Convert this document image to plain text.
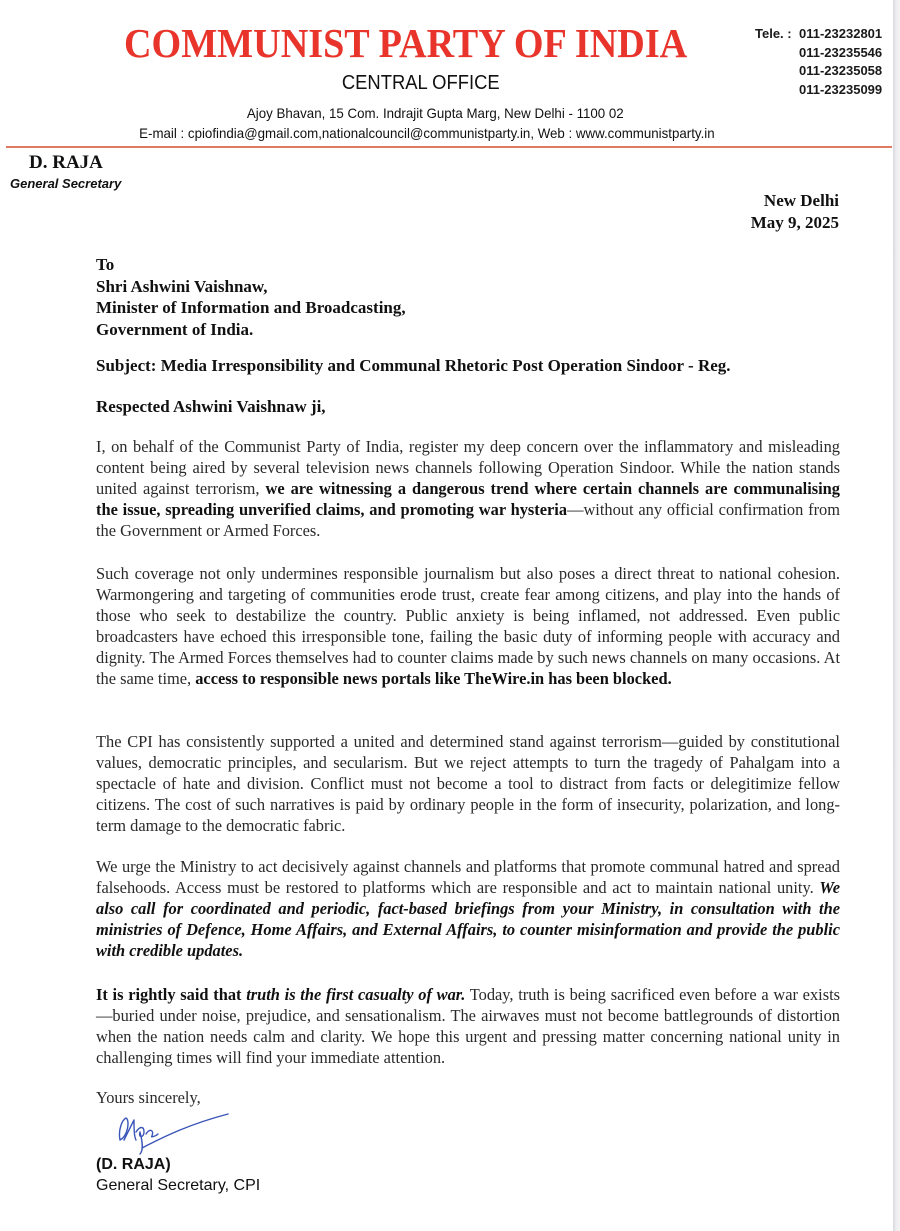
COMMUNIST PARTY OF INDIA
CENTRAL OFFICE
Tele. : 011-23232801
011-23235546
011-23235058
011-23235099
Ajoy Bhavan, 15 Com. Indrajit Gupta Marg, New Delhi - 1100 02
E-mail : cpiofindia@gmail.com,nationalcouncil@communistparty.in, Web : www.communistparty.in
D. RAJA
General Secretary
New Delhi
May 9, 2025
To
Shri Ashwini Vaishnaw,
Minister of Information and Broadcasting,
Government of India.
Subject: Media Irresponsibility and Communal Rhetoric Post Operation Sindoor - Reg.
Respected Ashwini Vaishnaw ji,
I, on behalf of the Communist Party of India, register my deep concern over the inflammatory and misleading content being aired by several television news channels following Operation Sindoor. While the nation stands united against terrorism, we are witnessing a dangerous trend where certain channels are communalising the issue, spreading unverified claims, and promoting war hysteria—without any official confirmation from the Government or Armed Forces.
Such coverage not only undermines responsible journalism but also poses a direct threat to national cohesion. Warmongering and targeting of communities erode trust, create fear among citizens, and play into the hands of those who seek to destabilize the country. Public anxiety is being inflamed, not addressed. Even public broadcasters have echoed this irresponsible tone, failing the basic duty of informing people with accuracy and dignity. The Armed Forces themselves had to counter claims made by such news channels on many occasions. At the same time, access to responsible news portals like TheWire.in has been blocked.
The CPI has consistently supported a united and determined stand against terrorism—guided by constitutional values, democratic principles, and secularism. But we reject attempts to turn the tragedy of Pahalgam into a spectacle of hate and division. Conflict must not become a tool to distract from facts or delegitimize fellow citizens. The cost of such narratives is paid by ordinary people in the form of insecurity, polarization, and long-term damage to the democratic fabric.
We urge the Ministry to act decisively against channels and platforms that promote communal hatred and spread falsehoods. Access must be restored to platforms which are responsible and act to maintain national unity. We also call for coordinated and periodic, fact-based briefings from your Ministry, in consultation with the ministries of Defence, Home Affairs, and External Affairs, to counter misinformation and provide the public with credible updates.
It is rightly said that truth is the first casualty of war. Today, truth is being sacrificed even before a war exists—buried under noise, prejudice, and sensationalism. The airwaves must not become battlegrounds of distortion when the nation needs calm and clarity. We hope this urgent and pressing matter concerning national unity in challenging times will find your immediate attention.
Yours sincerely,
(D. RAJA)
General Secretary, CPI
